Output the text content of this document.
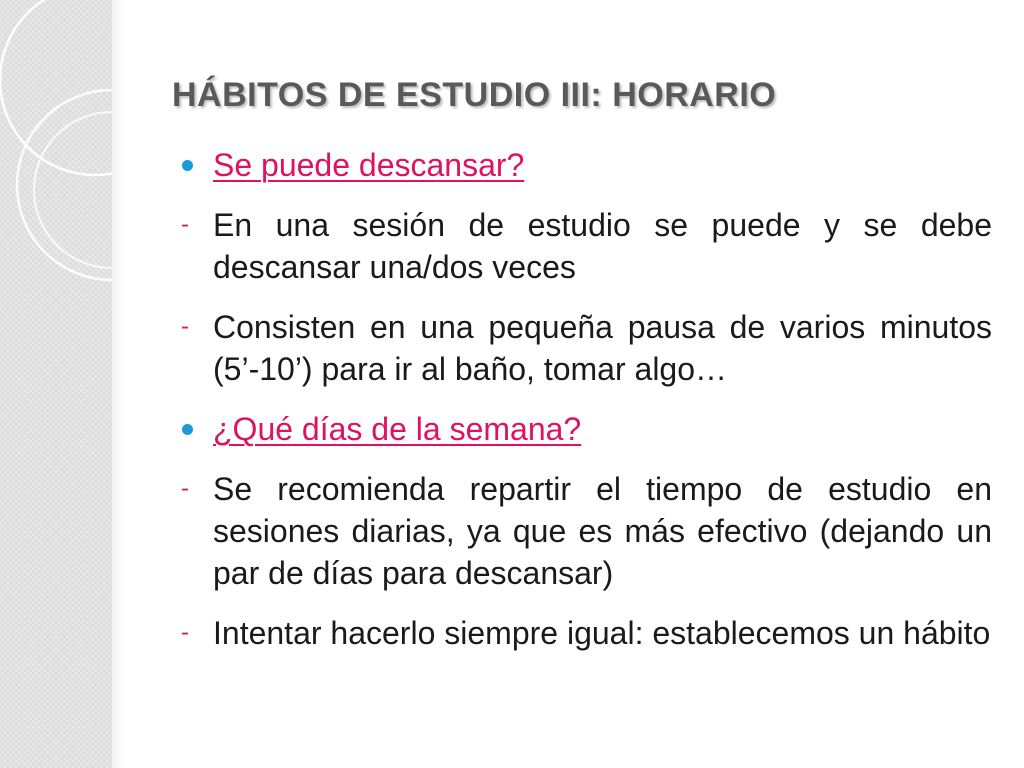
HÁBITOS DE ESTUDIO III: HORARIO
Se puede descansar?
- En una sesión de estudio se puede y se debe descansar una/dos veces
- Consisten en una pequeña pausa de varios minutos (5’-10’) para ir al baño, tomar algo…
¿Qué días de la semana?
- Se recomienda repartir el tiempo de estudio en sesiones diarias, ya que es más efectivo (dejando un par de días para descansar)
- Intentar hacerlo siempre igual: establecemos un hábito
